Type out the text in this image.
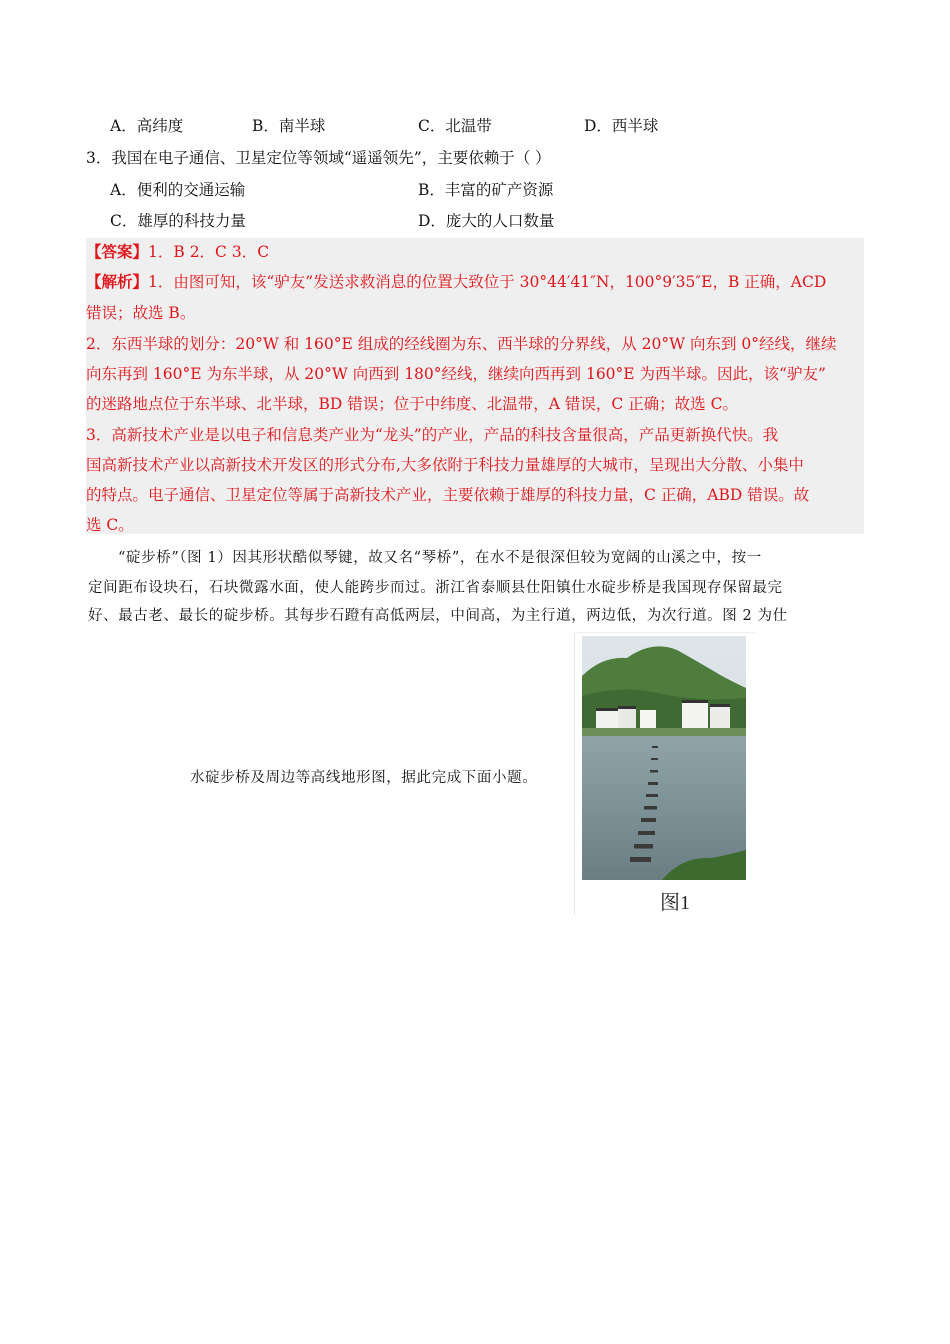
A．高纬度	B．南半球	C．北温带	D．西半球
3．我国在电子通信、卫星定位等领域“遥遥领先”，主要依赖于（ ）
A．便利的交通运输	B．丰富的矿产资源
C．雄厚的科技力量	D．庞大的人口数量
【答案】1．B 2．C 3．C
【解析】1．由图可知，该“驴友”发送求救消息的位置大致位于 30°44′41″N，100°9′35″E，B 正确，ACD
错误；故选 B。
2．东西半球的划分：20°W 和 160°E 组成的经线圈为东、西半球的分界线，从 20°W 向东到 0°经线，继续
向东再到 160°E 为东半球，从 20°W 向西到 180°经线，继续向西再到 160°E 为西半球。因此，该“驴友”
的迷路地点位于东半球、北半球，BD 错误；位于中纬度、北温带，A 错误，C 正确；故选 C。
3．高新技术产业是以电子和信息类产业为“龙头”的产业，产品的科技含量很高，产品更新换代快。我
国高新技术产业以高新技术开发区的形式分布,大多依附于科技力量雄厚的大城市，呈现出大分散、小集中
的特点。电子通信、卫星定位等属于高新技术产业，主要依赖于雄厚的科技力量，C 正确，ABD 错误。故
选 C。
“碇步桥”（图 1）因其形状酷似琴键，故又名“琴桥”，在水不是很深但较为宽阔的山溪之中，按一
定间距布设块石，石块微露水面，使人能跨步而过。浙江省泰顺县仕阳镇仕水碇步桥是我国现存保留最完
好、最古老、最长的碇步桥。其每步石蹬有高低两层，中间高，为主行道，两边低，为次行道。图 2 为仕
水碇步桥及周边等高线地形图，据此完成下面小题。
图1
